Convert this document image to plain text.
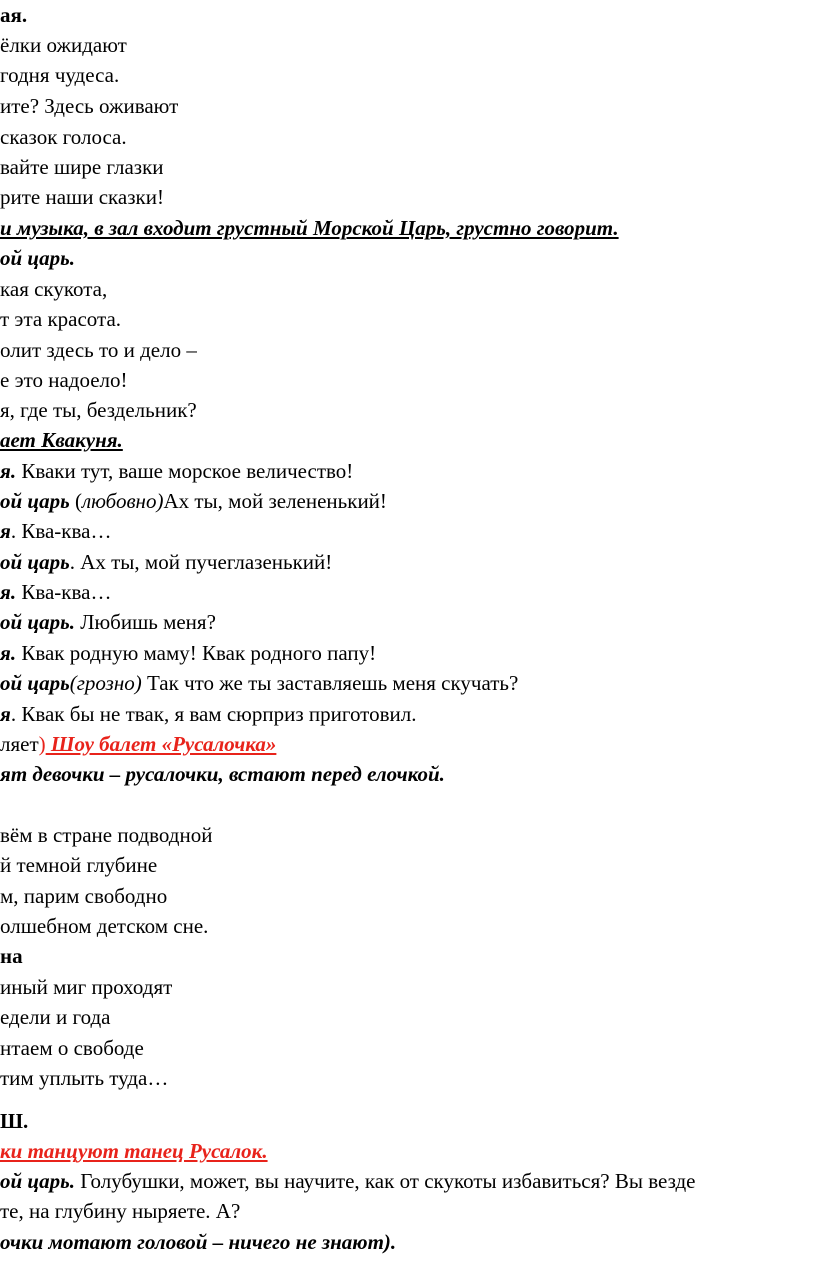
ая.
ёлки ожидают
годня чудеса.
ите? Здесь оживают
сказок голоса.
вайте шире глазки
рите наши сказки!
и музыка, в зал входит грустный Морской Царь, грустно говорит.
ой царь.
кая скукота,
т эта красота.
олит здесь то и дело –
е это надоело!
я, где ты, бездельник?
ает Квакуня.
я. Кваки тут, ваше морское величество!
ой царь (любовно)Ах ты, мой зелененький!
я. Ква-ква…
ой царь. Ах ты, мой пучеглазенький!
я. Ква-ква…
ой царь. Любишь меня?
я. Квак родную маму! Квак родного папу!
ой царь(грозно) Так что же ты заставляешь меня скучать?
я. Квак бы не твак, я вам сюрприз приготовил.
ляет) Шоу балет «Русалочка»
ят девочки – русалочки, встают перед елочкой.
вём в стране подводной
й темной глубине
м, парим свободно
олшебном детском сне.
на
иный миг проходят
едели и года
нтаем о свободе
тим уплыть туда…
Ш.
ки танцуют танец Русалок.
ой царь. Голубушки, может, вы научите, как от скукоты избавиться? Вы везде
те, на глубину ныряете. А?
очки мотают головой – ничего не знают).
